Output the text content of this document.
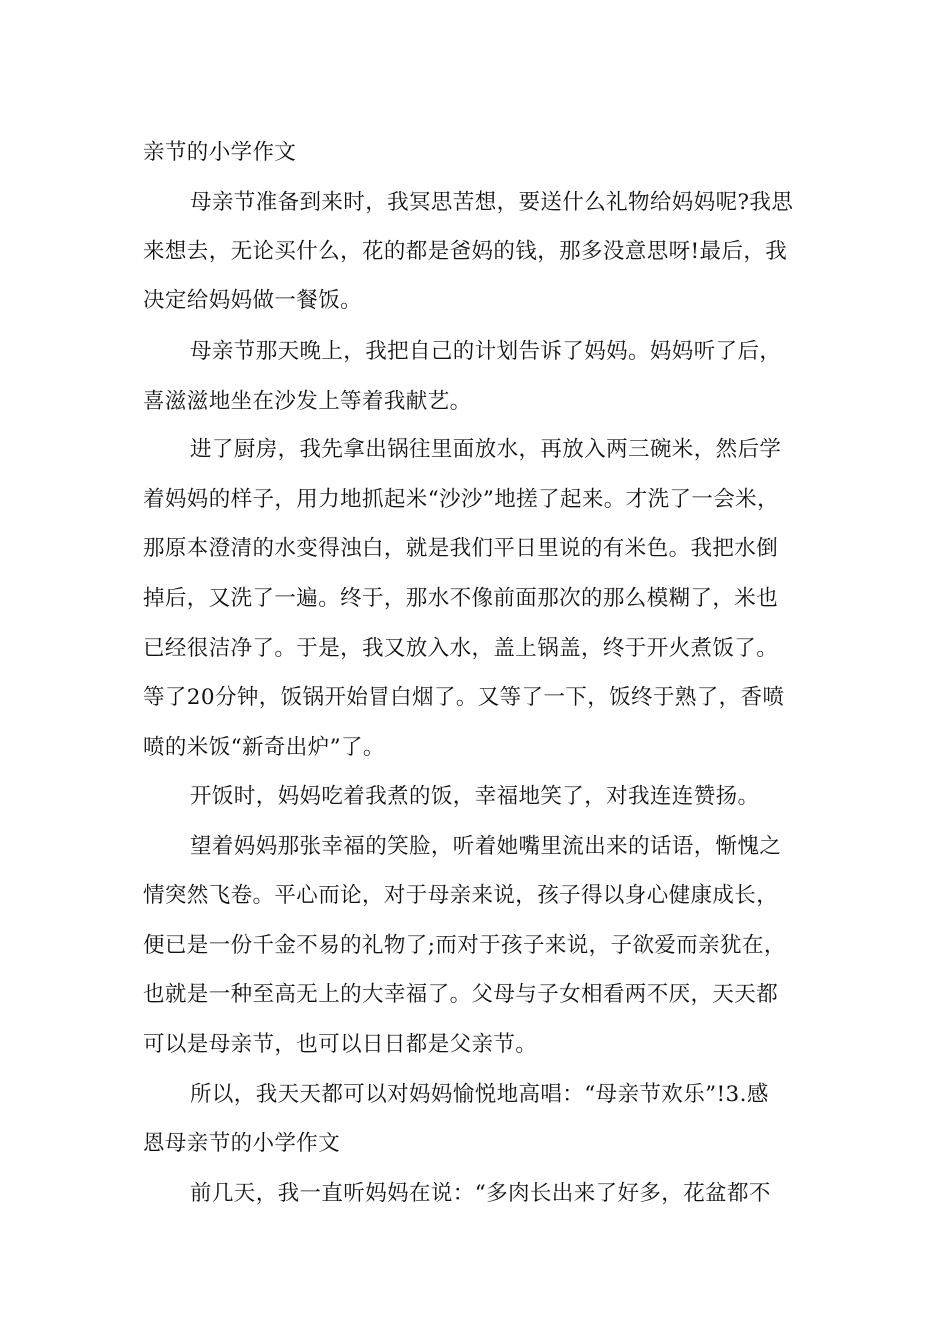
亲节的小学作文
母亲节准备到来时，我冥思苦想，要送什么礼物给妈妈呢?我思
来想去，无论买什么，花的都是爸妈的钱，那多没意思呀!最后，我
决定给妈妈做一餐饭。
母亲节那天晚上，我把自己的计划告诉了妈妈。妈妈听了后，
喜滋滋地坐在沙发上等着我献艺。
进了厨房，我先拿出锅往里面放水，再放入两三碗米，然后学
着妈妈的样子，用力地抓起米“沙沙”地搓了起来。才洗了一会米，
那原本澄清的水变得浊白，就是我们平日里说的有米色。我把水倒
掉后，又洗了一遍。终于，那水不像前面那次的那么模糊了，米也
已经很洁净了。于是，我又放入水，盖上锅盖，终于开火煮饭了。
等了20分钟，饭锅开始冒白烟了。又等了一下，饭终于熟了，香喷
喷的米饭“新奇出炉”了。
开饭时，妈妈吃着我煮的饭，幸福地笑了，对我连连赞扬。
望着妈妈那张幸福的笑脸，听着她嘴里流出来的话语，惭愧之
情突然飞卷。平心而论，对于母亲来说，孩子得以身心健康成长，
便已是一份千金不易的礼物了;而对于孩子来说，子欲爱而亲犹在，
也就是一种至高无上的大幸福了。父母与子女相看两不厌，天天都
可以是母亲节，也可以日日都是父亲节。
所以，我天天都可以对妈妈愉悦地高唱：“母亲节欢乐”!3.感
恩母亲节的小学作文
前几天，我一直听妈妈在说：“多肉长出来了好多，花盆都不
